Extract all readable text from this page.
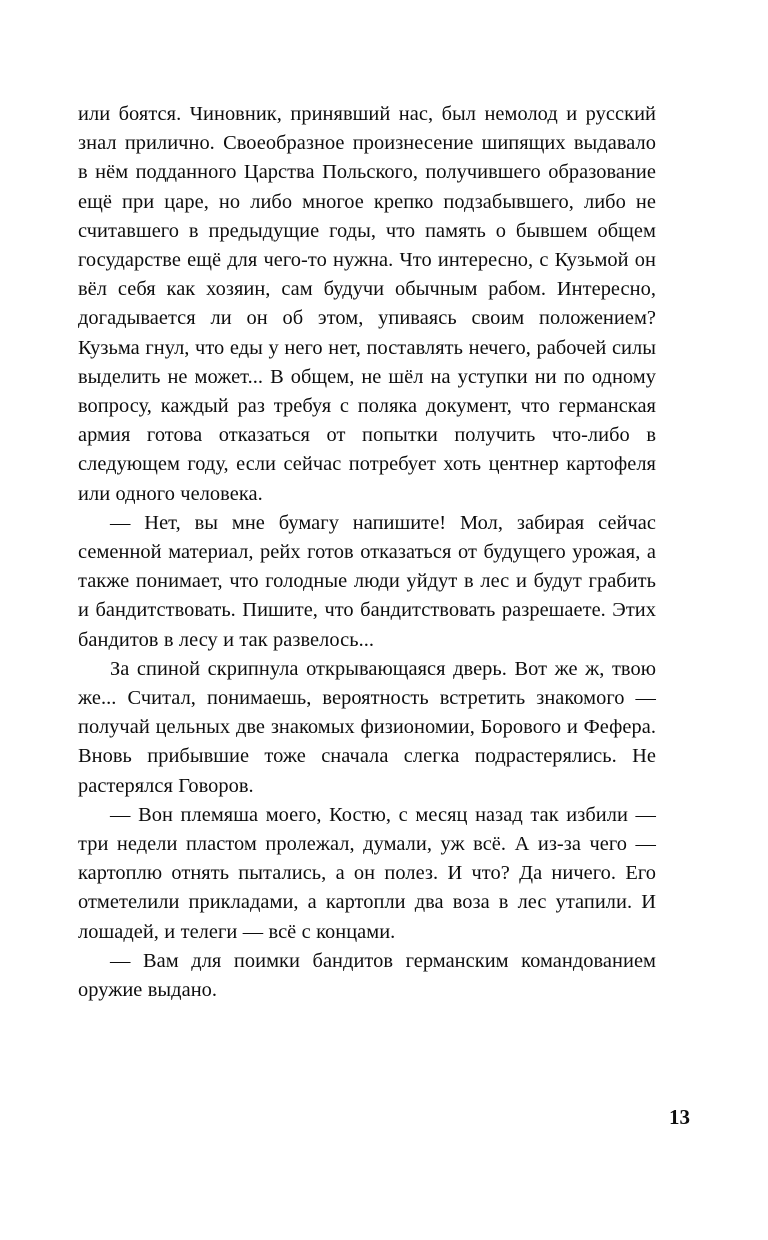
или боятся. Чиновник, принявший нас, был немолод и русский знал прилично. Своеобразное произнесение шипящих выдавало в нём подданного Царства Польского, получившего образование ещё при царе, но либо многое крепко подзабывшего, либо не считавшего в предыдущие годы, что память о бывшем общем государстве ещё для чего-то нужна. Что интересно, с Кузьмой он вёл себя как хозяин, сам будучи обычным рабом. Интересно, догадывается ли он об этом, упиваясь своим положением? Кузьма гнул, что еды у него нет, поставлять нечего, рабочей силы выделить не может... В общем, не шёл на уступки ни по одному вопросу, каждый раз требуя с поляка документ, что германская армия готова отказаться от попытки получить что-либо в следующем году, если сейчас потребует хоть центнер картофеля или одного человека.

— Нет, вы мне бумагу напишите! Мол, забирая сейчас семенной материал, рейх готов отказаться от будущего урожая, а также понимает, что голодные люди уйдут в лес и будут грабить и бандитствовать. Пишите, что бандитствовать разрешаете. Этих бандитов в лесу и так развелось...

За спиной скрипнула открывающаяся дверь. Вот же ж, твою же... Считал, понимаешь, вероятность встретить знакомого — получай цельных две знакомых физиономии, Борового и Фефера. Вновь прибывшие тоже сначала слегка подрастерялись. Не растерялся Говоров.

— Вон племяша моего, Костю, с месяц назад так избили — три недели пластом пролежал, думали, уж всё. А из-за чего — картоплю отнять пытались, а он полез. И что? Да ничего. Его отметелили прикладами, а картопли два воза в лес утапили. И лошадей, и телеги — всё с концами.

— Вам для поимки бандитов германским командованием оружие выдано.

13
